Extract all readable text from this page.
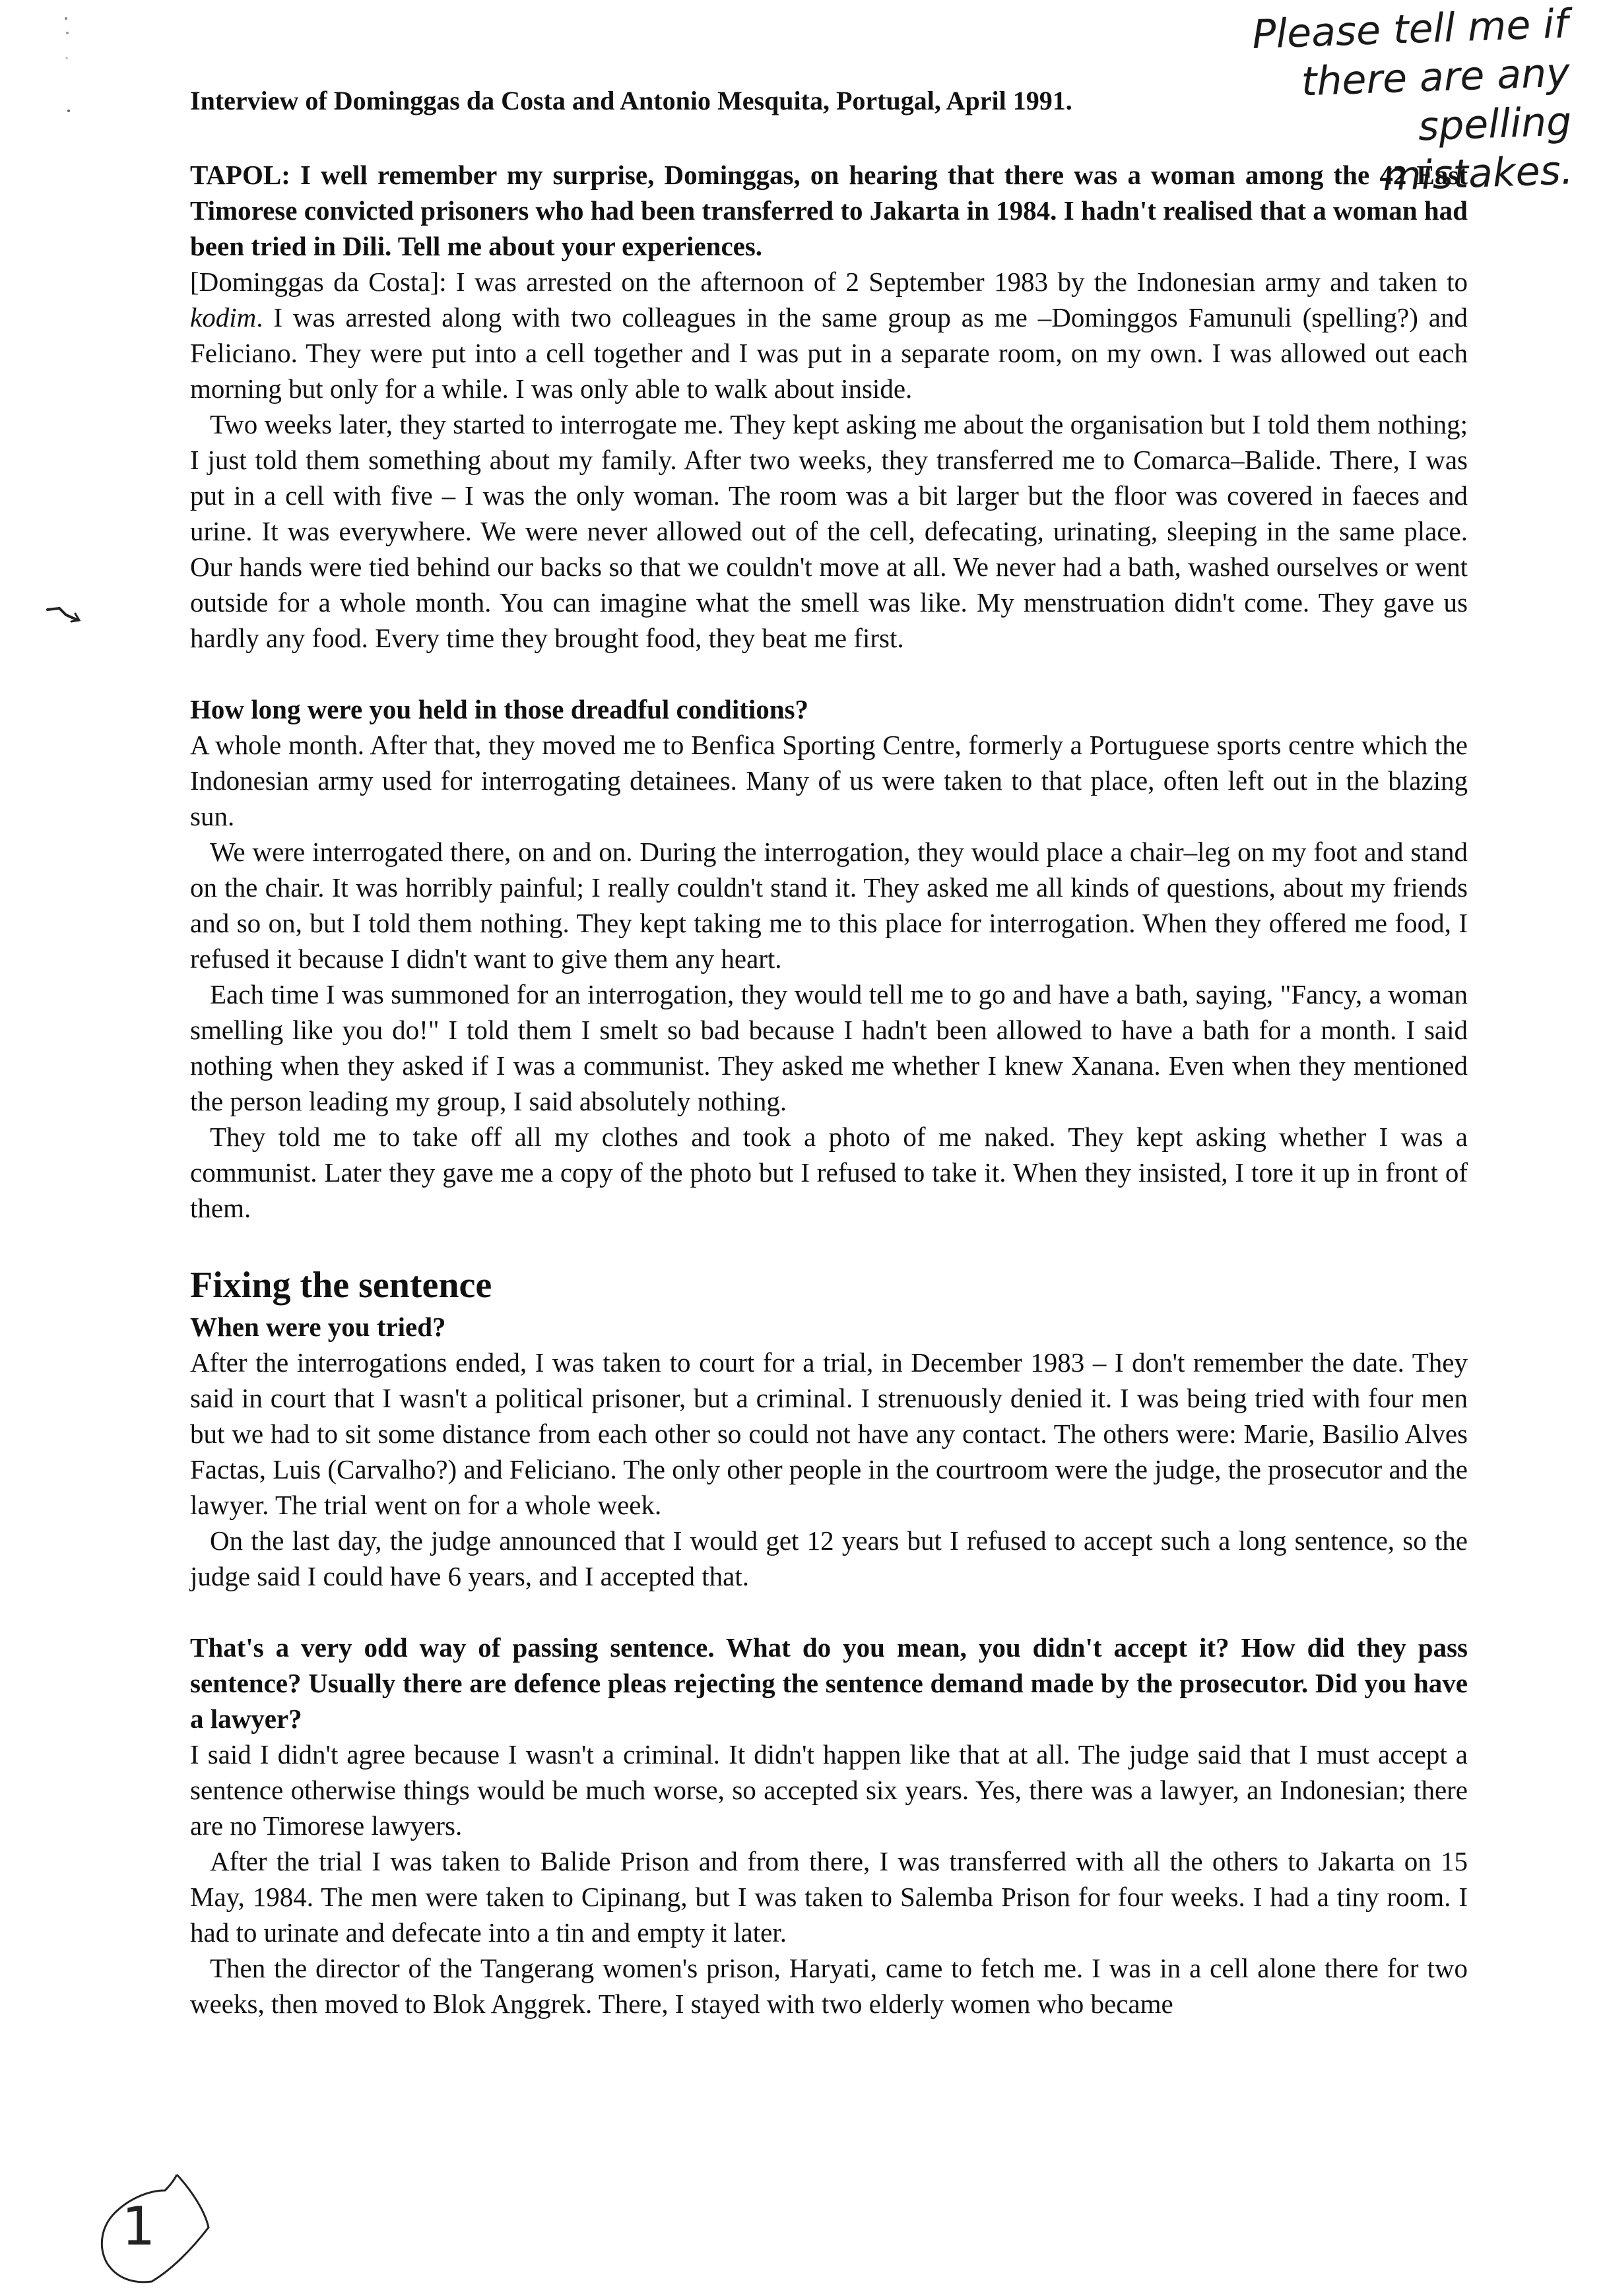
Interview of Dominggas da Costa and Antonio Mesquita, Portugal, April 1991.
Please tell me if there are any spelling mistakes.

TAPOL: I well remember my surprise, Dominggas, on hearing that there was a woman among the 42 East Timorese convicted prisoners who had been transferred to Jakarta in 1984. I hadn't realised that a woman had been tried in Dili. Tell me about your experiences.

[Dominggas da Costa]: I was arrested on the afternoon of 2 September 1983 by the Indonesian army and taken to kodim. I was arrested along with two colleagues in the same group as me –Dominggos Famunuli (spelling?) and Feliciano. They were put into a cell together and I was put in a separate room, on my own. I was allowed out each morning but only for a while. I was only able to walk about inside.

Two weeks later, they started to interrogate me. They kept asking me about the organisation but I told them nothing; I just told them something about my family. After two weeks, they transferred me to Comarca–Balide. There, I was put in a cell with five – I was the only woman. The room was a bit larger but the floor was covered in faeces and urine. It was everywhere. We were never allowed out of the cell, defecating, urinating, sleeping in the same place. Our hands were tied behind our backs so that we couldn't move at all. We never had a bath, washed ourselves or went outside for a whole month. You can imagine what the smell was like. My menstruation didn't come. They gave us hardly any food. Every time they brought food, they beat me first.

How long were you held in those dreadful conditions?

A whole month. After that, they moved me to Benfica Sporting Centre, formerly a Portuguese sports centre which the Indonesian army used for interrogating detainees. Many of us were taken to that place, often left out in the blazing sun.

We were interrogated there, on and on. During the interrogation, they would place a chair–leg on my foot and stand on the chair. It was horribly painful; I really couldn't stand it. They asked me all kinds of questions, about my friends and so on, but I told them nothing. They kept taking me to this place for interrogation. When they offered me food, I refused it because I didn't want to give them any heart.

Each time I was summoned for an interrogation, they would tell me to go and have a bath, saying, "Fancy, a woman smelling like you do!" I told them I smelt so bad because I hadn't been allowed to have a bath for a month. I said nothing when they asked if I was a communist. They asked me whether I knew Xanana. Even when they mentioned the person leading my group, I said absolutely nothing.

They told me to take off all my clothes and took a photo of me naked. They kept asking whether I was a communist. Later they gave me a copy of the photo but I refused to take it. When they insisted, I tore it up in front of them.

Fixing the sentence

When were you tried?

After the interrogations ended, I was taken to court for a trial, in December 1983 – I don't remember the date. They said in court that I wasn't a political prisoner, but a criminal. I strenuously denied it. I was being tried with four men but we had to sit some distance from each other so could not have any contact. The others were: Marie, Basilio Alves Factas, Luis (Carvalho?) and Feliciano. The only other people in the courtroom were the judge, the prosecutor and the lawyer. The trial went on for a whole week.

On the last day, the judge announced that I would get 12 years but I refused to accept such a long sentence, so the judge said I could have 6 years, and I accepted that.

That's a very odd way of passing sentence. What do you mean, you didn't accept it? How did they pass sentence? Usually there are defence pleas rejecting the sentence demand made by the prosecutor. Did you have a lawyer?

I said I didn't agree because I wasn't a criminal. It didn't happen like that at all. The judge said that I must accept a sentence otherwise things would be much worse, so accepted six years. Yes, there was a lawyer, an Indonesian; there are no Timorese lawyers.

After the trial I was taken to Balide Prison and from there, I was transferred with all the others to Jakarta on 15 May, 1984. The men were taken to Cipinang, but I was taken to Salemba Prison for four weeks. I had a tiny room. I had to urinate and defecate into a tin and empty it later.

Then the director of the Tangerang women's prison, Haryati, came to fetch me. I was in a cell alone there for two weeks, then moved to Blok Anggrek. There, I stayed with two elderly women who became

1
